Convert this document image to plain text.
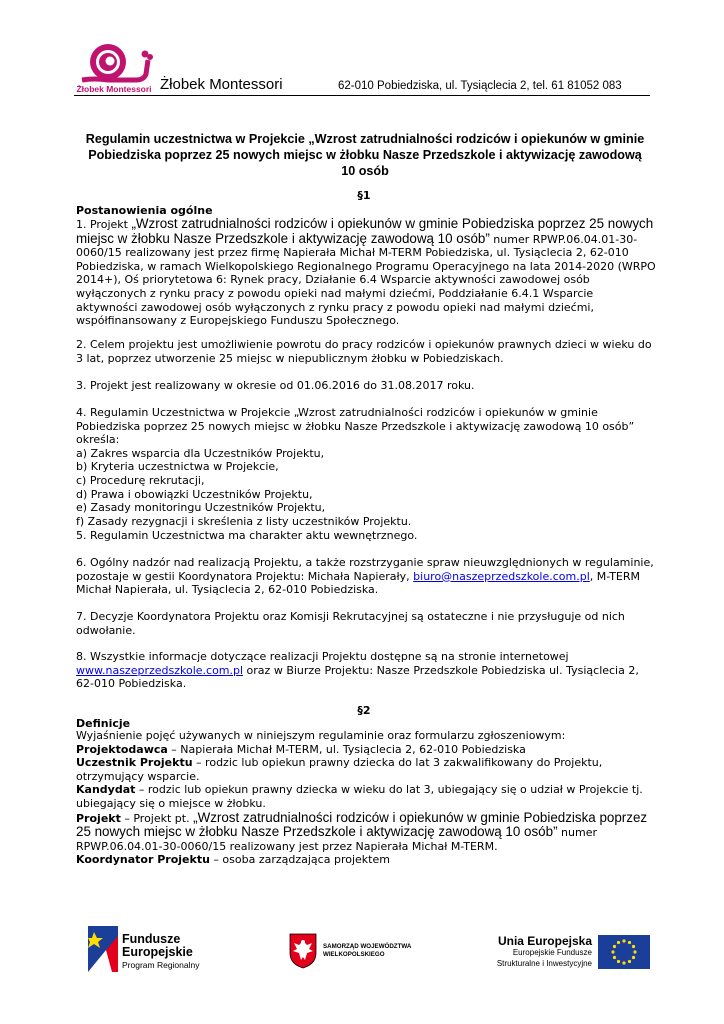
Żłobek Montessori Żłobek Montessori	62-010 Pobiedziska, ul. Tysiąclecia 2, tel. 61 81052 083
Regulamin uczestnictwa w Projekcie „Wzrost zatrudnialności rodziców i opiekunów w gminie Pobiedziska poprzez 25 nowych miejsc w żłobku Nasze Przedszkole i aktywizację zawodową 10 osób
§1
Postanowienia ogólne
1. Projekt „Wzrost zatrudnialności rodziców i opiekunów w gminie Pobiedziska poprzez 25 nowych miejsc w żłobku Nasze Przedszkole i aktywizację zawodową 10 osób” numer RPWP.06.04.01-30-0060/15 realizowany jest przez firmę Napierała Michał M-TERM Pobiedziska, ul. Tysiąclecia 2, 62-010 Pobiedziska, w ramach Wielkopolskiego Regionalnego Programu Operacyjnego na lata 2014-2020 (WRPO 2014+), Oś priorytetowa 6: Rynek pracy, Działanie 6.4 Wsparcie aktywności zawodowej osób wyłączonych z rynku pracy z powodu opieki nad małymi dziećmi, Poddziałanie 6.4.1 Wsparcie aktywności zawodowej osób wyłączonych z rynku pracy z powodu opieki nad małymi dziećmi, współfinansowany z Europejskiego Funduszu Społecznego.
2. Celem projektu jest umożliwienie powrotu do pracy rodziców i opiekunów prawnych dzieci w wieku do 3 lat, poprzez utworzenie 25 miejsc w niepublicznym żłobku w Pobiedziskach.
3. Projekt jest realizowany w okresie od 01.06.2016 do 31.08.2017 roku.

4. Regulamin Uczestnictwa w Projekcie „Wzrost zatrudnialności rodziców i opiekunów w gminie Pobiedziska poprzez 25 nowych miejsc w żłobku Nasze Przedszkole i aktywizację zawodową 10 osób” określa:

a) Zakres wsparcia dla Uczestników Projektu,

b) Kryteria uczestnictwa w Projekcie,

c) Procedurę rekrutacji,

d) Prawa i obowiązki Uczestników Projektu,

e) Zasady monitoringu Uczestników Projektu,

f) Zasady rezygnacji i skreślenia z listy uczestników Projektu.

5. Regulamin Uczestnictwa ma charakter aktu wewnętrznego.
6. Ogólny nadzór nad realizacją Projektu, a także rozstrzyganie spraw nieuwzględnionych w regulaminie, pozostaje w gestii Koordynatora Projektu: Michała Napierały, biuro@naszeprzedszkole.com.pl, M-TERM Michał Napierała, ul. Tysiąclecia 2, 62-010 Pobiedziska.
7. Decyzje Koordynatora Projektu oraz Komisji Rekrutacyjnej są ostateczne i nie przysługuje od nich odwołanie.
8. Wszystkie informacje dotyczące realizacji Projektu dostępne są na stronie internetowej www.naszeprzedszkole.com.pl oraz w Biurze Projektu: Nasze Przedszkole Pobiedziska ul. Tysiąclecia 2, 62-010 Pobiedziska.
§2
Definicje

Wyjaśnienie pojęć używanych w niniejszym regulaminie oraz formularzu zgłoszeniowym:

Projektodawca – Napierała Michał M-TERM, ul. Tysiąclecia 2, 62-010 Pobiedziska

Uczestnik Projektu – rodzic lub opiekun prawny dziecka do lat 3 zakwalifikowany do Projektu, otrzymujący wsparcie.

Kandydat – rodzic lub opiekun prawny dziecka w wieku do lat 3, ubiegający się o udział w Projekcie tj. ubiegający się o miejsce w żłobku.

Projekt – Projekt pt. „Wzrost zatrudnialności rodziców i opiekunów w gminie Pobiedziska poprzez 25 nowych miejsc w żłobku Nasze Przedszkole i aktywizację zawodową 10 osób” numer RPWP.06.04.01-30-0060/15 realizowany jest przez Napierała Michał M-TERM.

Koordynator Projektu – osoba zarządzająca projektem

Fundusze
Europejskie
Program Regionalny
SAMORZĄD WOJEWÓDZTWA
WIELKOPOLSKIEGO
Unia Europejska
Europejskie Fundusze
Strukturalne i Inwestycyjne
